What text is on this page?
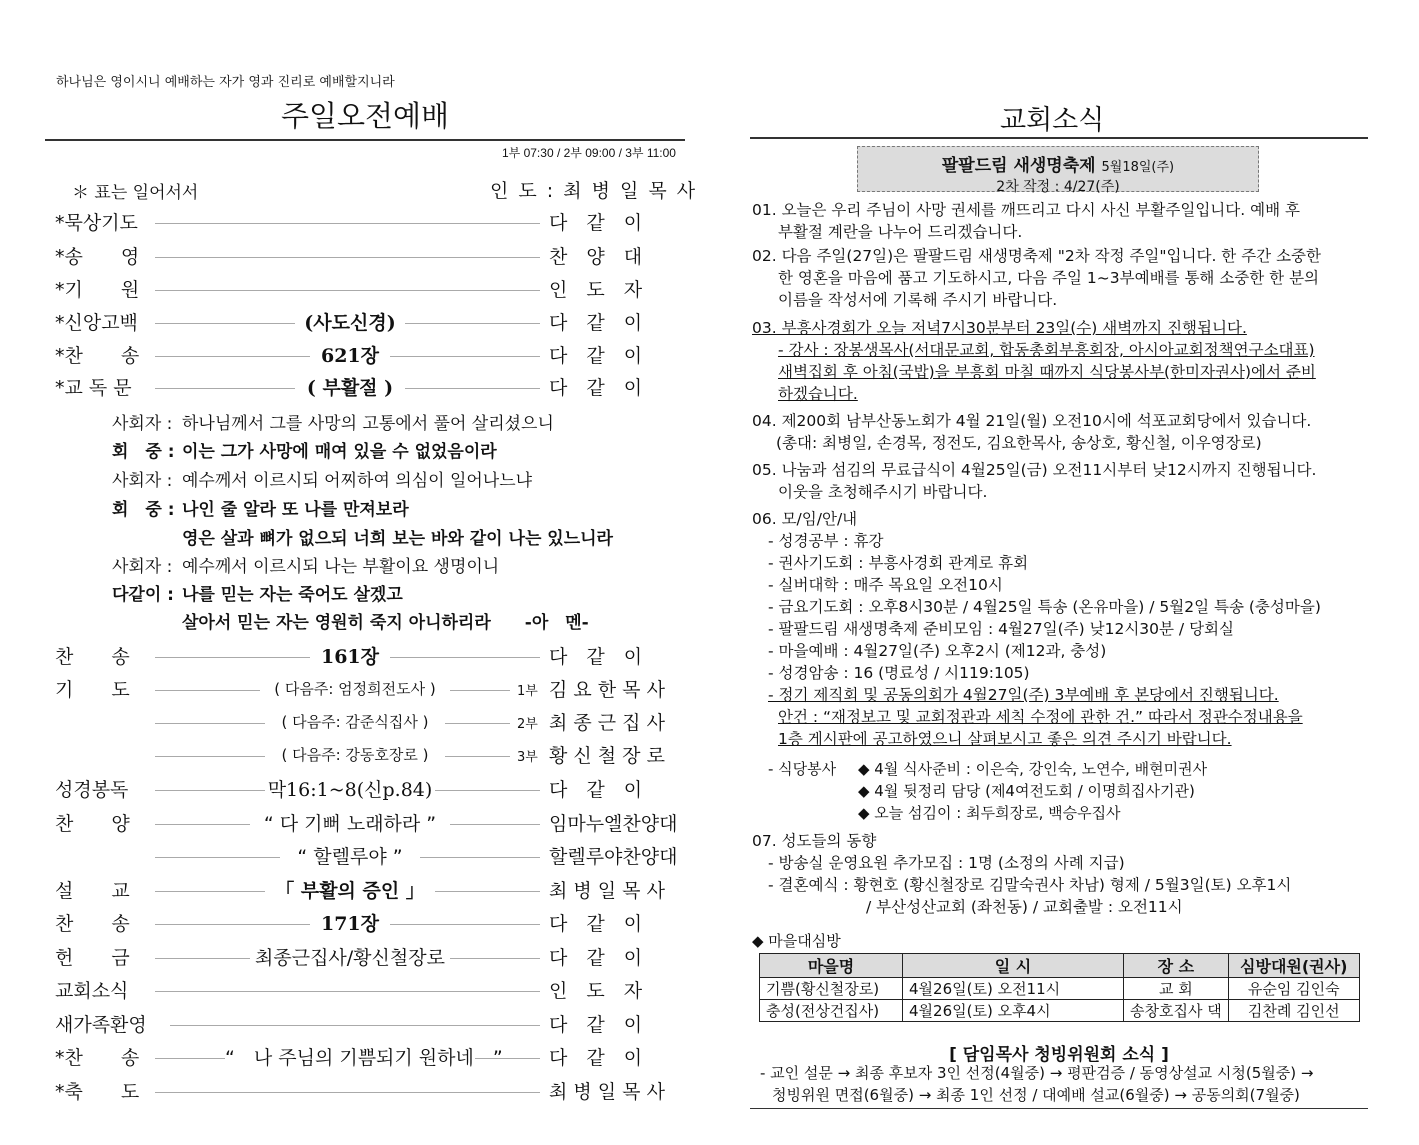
하나님은 영이시니 예배하는 자가 영과 진리로 예배할지니라
주일오전예배
1부 07:30 / 2부 09:00 / 3부 11:00
＊ 표는 일어서서	인 도 : 최 병 일 목 사
*묵상기도	다　같　이
*송　　영	찬　양　대
*기　　원	인　도　자
*신앙고백	(사도신경)	다　같　이
*찬　　송	621장	다　같　이
*교 독 문	( 부활절 )	다　같　이
사회자 : 하나님께서 그를 사망의 고통에서 풀어 살리셨으니
회　중 : 이는 그가 사망에 매여 있을 수 없었음이라
사회자 : 예수께서 이르시되 어찌하여 의심이 일어나느냐
회　중 : 나인 줄 알라 또 나를 만져보라
영은 살과 뼈가 없으되 너희 보는 바와 같이 나는 있느니라
사회자 : 예수께서 이르시되 나는 부활이요 생명이니
다같이 : 나를 믿는 자는 죽어도 살겠고
살아서 믿는 자는 영원히 죽지 아니하리라　　-아　멘-
찬　　송	161장	다　같　이
기　　도	( 다음주: 엄정희전도사 )	1부 김 요 한 목 사
( 다음주: 감준식집사 )	2부 최 종 근 집 사
( 다음주: 강동호장로 )	3부 황 신 철 장 로
성경봉독	막16:1~8(신p.84)	다　같　이
찬　　양	“ 다 기뻐 노래하라 ”	임마누엘찬양대
“ 할렐루야 ”	할렐루야찬양대
설　　교	「 부활의 증인 」	최 병 일 목 사
찬　　송	171장	다　같　이
헌　　금	최종근집사/황신철장로	다　같　이
교회소식	인　도　자
새가족환영	다　같　이
*찬　　송	“　나 주님의 기쁨되기 원하네　” 다　같　이
*축　　도	최 병 일 목 사
교회소식
팔팔드림 새생명축제 5월18일(주)
2차 작정 : 4/27(주)
01. 오늘은 우리 주님이 사망 권세를 깨뜨리고 다시 사신 부활주일입니다. 예배 후
부활절 계란을 나누어 드리겠습니다.
02. 다음 주일(27일)은 팔팔드림 새생명축제 "2차 작정 주일"입니다. 한 주간 소중한
한 영혼을 마음에 품고 기도하시고, 다음 주일 1~3부예배를 통해 소중한 한 분의
이름을 작성서에 기록해 주시기 바랍니다.
03. 부흥사경회가 오늘 저녁7시30분부터 23일(수) 새벽까지 진행됩니다.
- 강사 : 장봉생목사(서대문교회, 합동총회부흥회장, 아시아교회정책연구소대표)
새벽집회 후 아침(국밥)을 부흥회 마칠 때까지 식당봉사부(한미자권사)에서 준비
하겠습니다.
04. 제200회 남부산동노회가 4월 21일(월) 오전10시에 석포교회당에서 있습니다.
(총대: 최병일, 손경목, 정전도, 김요한목사, 송상호, 황신철, 이우영장로)
05. 나눔과 섬김의 무료급식이 4월25일(금) 오전11시부터 낮12시까지 진행됩니다.
이웃을 초청해주시기 바랍니다.
06. 모/임/안/내
- 성경공부 : 휴강
- 권사기도회 : 부흥사경회 관계로 휴회
- 실버대학 : 매주 목요일 오전10시
- 금요기도회 : 오후8시30분 / 4월25일 특송 (온유마을) / 5월2일 특송 (충성마을)
- 팔팔드림 새생명축제 준비모임 : 4월27일(주) 낮12시30분 / 당회실
- 마을예배 : 4월27일(주) 오후2시 (제12과, 충성)
- 성경암송 : 16 (명료성 / 시119:105)
- 정기 제직회 및 공동의회가 4월27일(주) 3부예배 후 본당에서 진행됩니다.
안건 : “재정보고 및 교회정관과 세칙 수정에 관한 건.” 따라서 정관수정내용을
1층 게시판에 공고하였으니 살펴보시고 좋은 의견 주시기 바랍니다.
- 식당봉사 ◆ 4월 식사준비 : 이은숙, 강인숙, 노연수, 배현미권사
◆ 4월 뒷정리 담당 (제4여전도회 / 이명희집사기관)
◆ 오늘 섬김이 : 최두희장로, 백승우집사
07. 성도들의 동향
- 방송실 운영요원 추가모집 : 1명 (소정의 사례 지급)
- 결혼예식 : 황현호 (황신철장로 김말숙권사 차남) 형제 / 5월3일(토) 오후1시
/ 부산성산교회 (좌천동) / 교회출발 : 오전11시
◆ 마을대심방
마을명	일 시	장 소	심방대원(권사)
기쁨(황신철장로)	4월26일(토) 오전11시	교 회	유순임 김인숙
충성(전상건집사)	4월26일(토) 오후4시	송창호집사 댁	김찬례 김인선
[ 담임목사 청빙위원회 소식 ]
- 교인 설문 → 최종 후보자 3인 선정(4월중) → 평판검증 / 동영상설교 시청(5월중) →
청빙위원 면접(6월중) → 최종 1인 선정 / 대예배 설교(6월중) → 공동의회(7월중)
